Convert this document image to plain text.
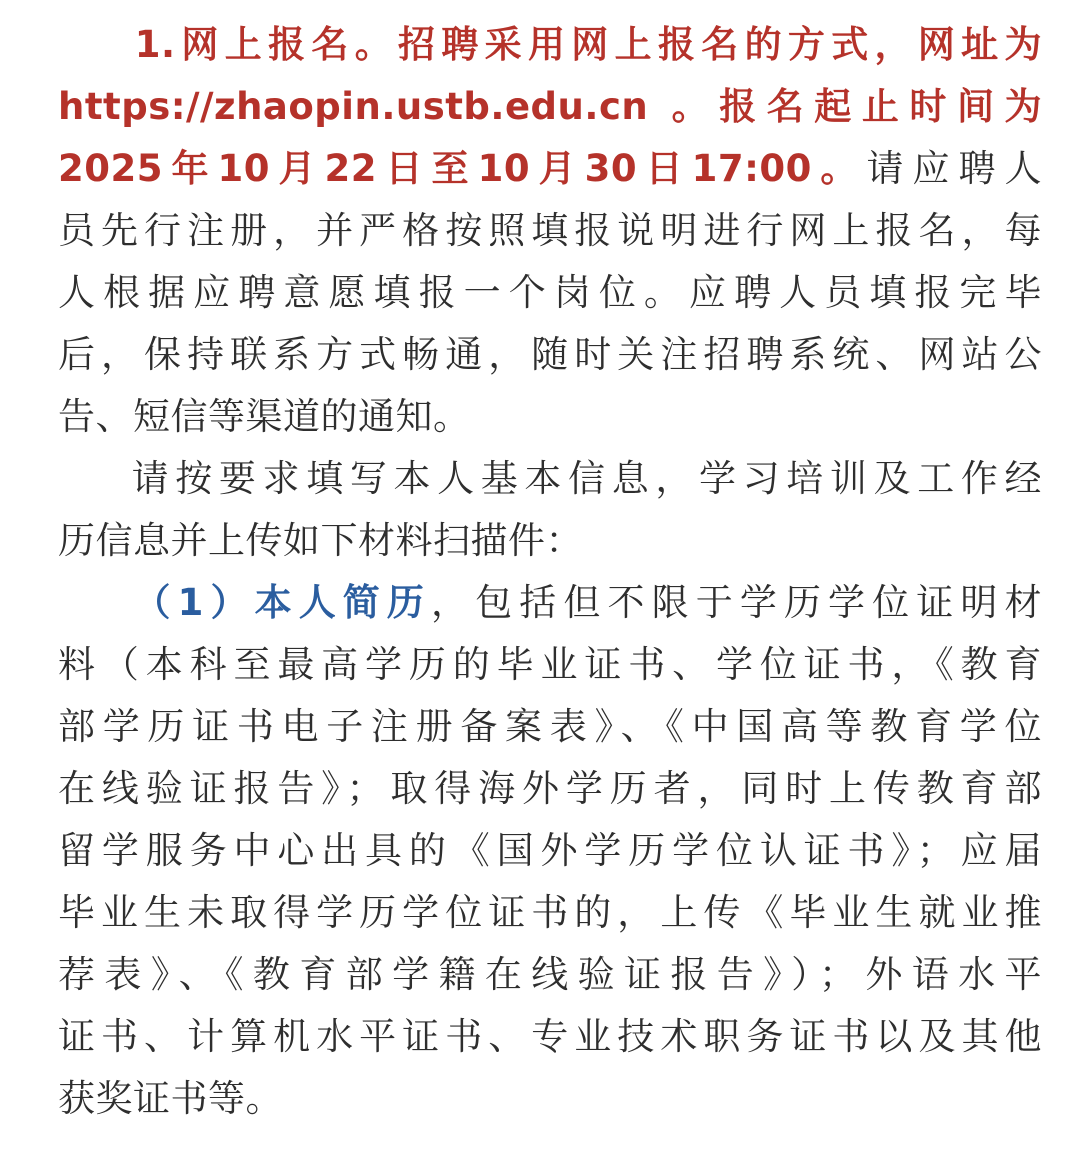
1.网上报名。招聘采用网上报名的方式，网址为
https://zhaopin.ustb.edu.cn 。报名起止时间为
2025年10月22日至10月30日17:00。请应聘人
员先行注册，并严格按照填报说明进行网上报名，每
人根据应聘意愿填报一个岗位。应聘人员填报完毕
后，保持联系方式畅通，随时关注招聘系统、网站公
告、短信等渠道的通知。
请按要求填写本人基本信息，学习培训及工作经
历信息并上传如下材料扫描件：
（1）本人简历，包括但不限于学历学位证明材
料（本科至最高学历的毕业证书、学位证书，《教育
部学历证书电子注册备案表》、《中国高等教育学位
在线验证报告》；取得海外学历者，同时上传教育部
留学服务中心出具的《国外学历学位认证书》；应届
毕业生未取得学历学位证书的，上传《毕业生就业推
荐表》、《教育部学籍在线验证报告》）；外语水平
证书、计算机水平证书、专业技术职务证书以及其他
获奖证书等。
